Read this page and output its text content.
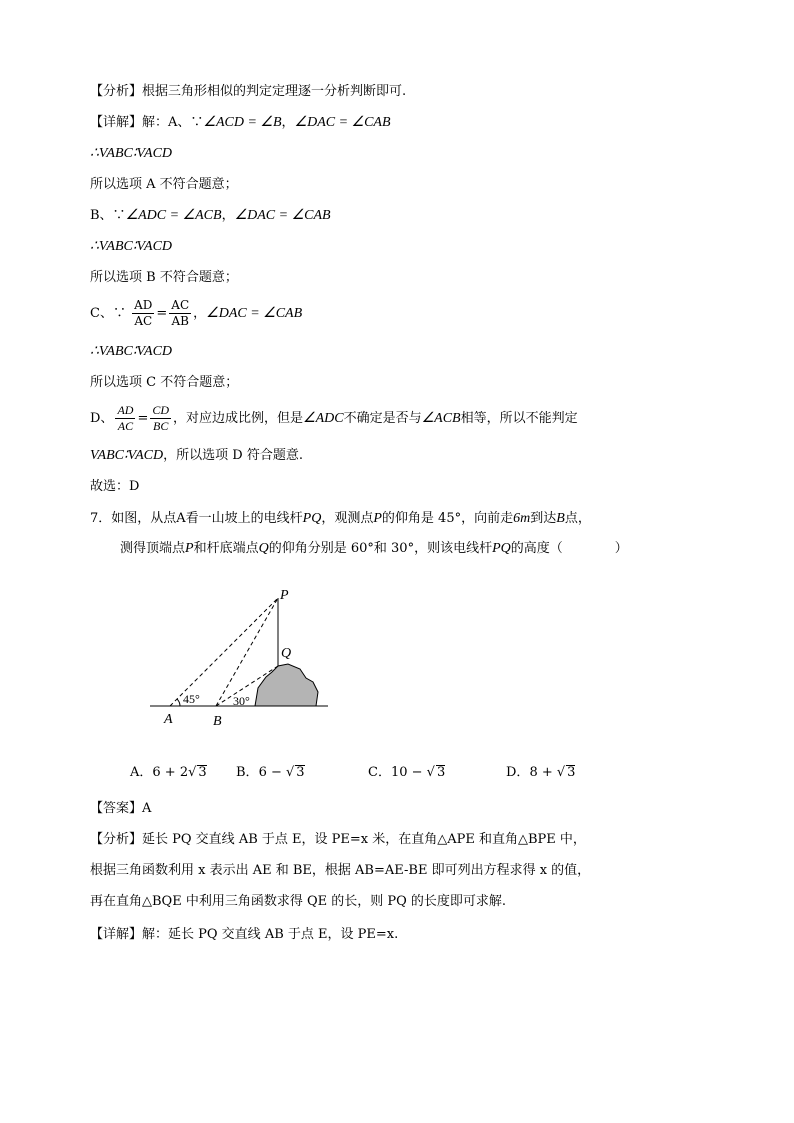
【分析】根据三角形相似的判定定理逐一分析判断即可.
【详解】解：A、∵∠ACD = ∠B，∠DAC = ∠CAB
∴VABC∶VACD
所以选项 A 不符合题意；
B、∵∠ADC = ∠ACB，∠DAC = ∠CAB
∴VABC∶VACD
所以选项 B 不符合题意；
C、∵ $\frac{AD}{AC} = \frac{AC}{AB}$ ，∠DAC = ∠CAB
∴VABC∶VACD
所以选项 C 不符合题意；
D、 $\frac{AD}{AC} = \frac{CD}{BC}$ ，对应边成比例，但是∠ADC不确定是否与∠ACB相等，所以不能判定
VABC∶VACD，所以选项 D 符合题意.
故选：D
7．如图，从点A看一山坡上的电线杆PQ，观测点P的仰角是 45°，向前走6m到达B点，
测得顶端点P和杆底端点Q的仰角分别是 60°和 30°，则该电线杆PQ的高度（　　　　）
45°	30°
P
Q
A	B
A．6 + 2√ 3 B．6 − √ 3	C．10 − √ 3	D．8 + √ 3
【答案】A
【分析】延长 PQ 交直线 AB 于点 E，设 PE=x 米，在直角△APE 和直角△BPE 中，
根据三角函数利用 x 表示出 AE 和 BE，根据 AB=AE-BE 即可列出方程求得 x 的值，
再在直角△BQE 中利用三角函数求得 QE 的长，则 PQ 的长度即可求解.
【详解】解：延长 PQ 交直线 AB 于点 E，设 PE=x.
